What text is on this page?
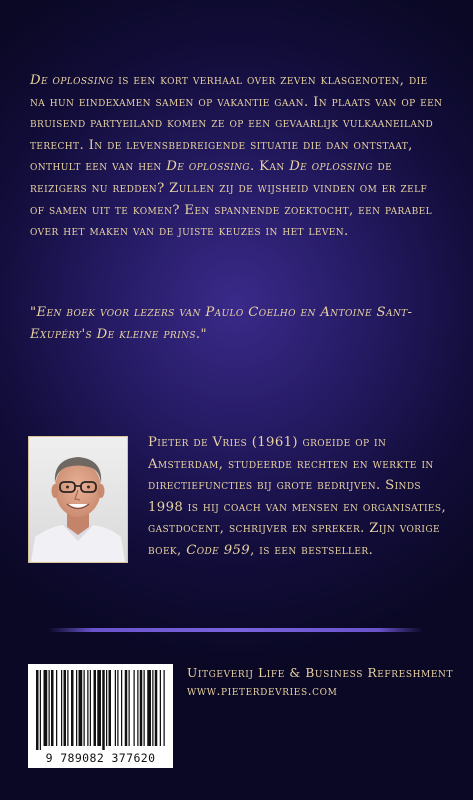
De oplossing is een kort verhaal over zeven klasgenoten, die na hun eindexamen samen op vakantie gaan. In plaats van op een bruisend partyeiland komen ze op een gevaarlijk vulkaaneiland terecht. In de levensbedreigende situatie die dan ontstaat, onthult een van hen De oplossing. Kan De oplossing de reizigers nu redden? Zullen zij de wijsheid vinden om er zelf of samen uit te komen? Een spannende zoektocht, een parabel over het maken van de juiste keuzes in het leven.

"Een boek voor lezers van Paulo Coelho en Antoine Sant-Exupéry's De kleine prins."
Pieter de Vries (1961) groeide op in Amsterdam, studeerde rechten en werkte in directiefuncties bij grote bedrijven. Sinds 1998 is hij coach van mensen en organisaties, gastdocent, schrijver en spreker. Zijn vorige boek, Code 959, is een bestseller.
9 789082 377620
Uitgeverij Life & Business Refreshment
www.pieterdevries.com
